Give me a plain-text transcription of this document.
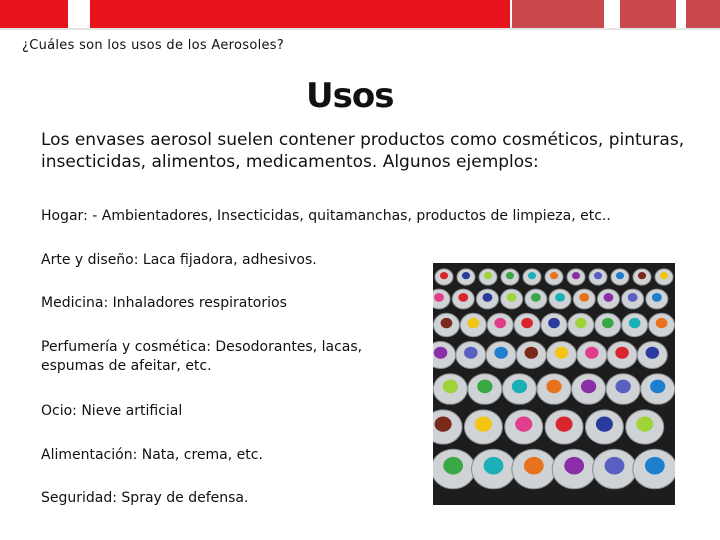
¿Cuáles son los usos de los Aerosoles?
Usos
Los envases aerosol suelen contener productos como cosméticos, pinturas, insecticidas, alimentos, medicamentos. Algunos ejemplos:
Hogar: - Ambientadores, Insecticidas, quitamanchas, productos de limpieza, etc..
Arte y diseño: Laca fijadora, adhesivos.
Medicina: Inhaladores respiratorios
Perfumería y cosmética: Desodorantes, lacas, espumas de afeitar, etc.
Ocio: Nieve artificial
Alimentación: Nata, crema, etc.
Seguridad: Spray de defensa.
